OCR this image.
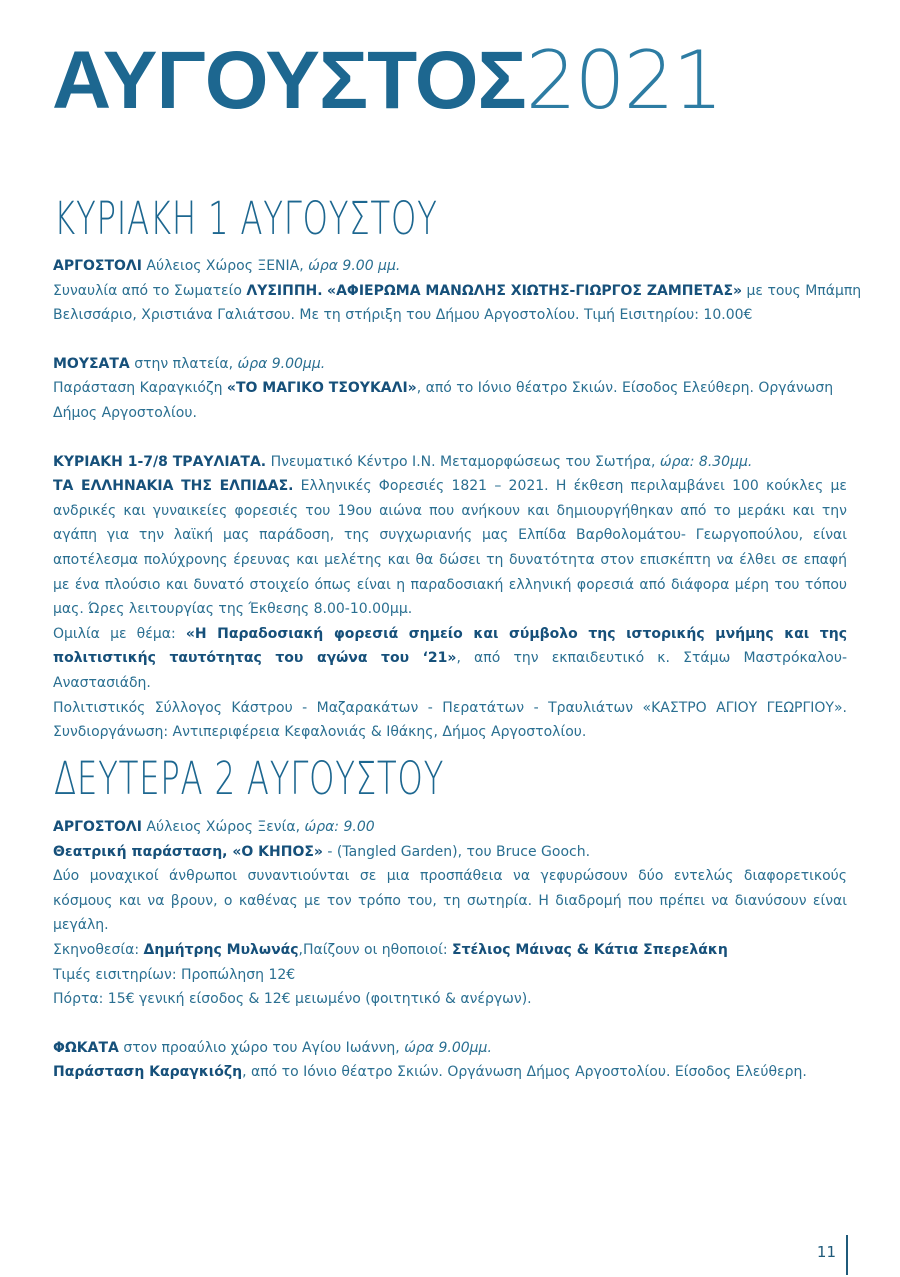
ΑΥΓΟΥΣΤΟΣ2021
ΚΥΡΙΑΚΗ 1 ΑΥΓΟΥΣΤΟΥ
ΑΡΓΟΣΤΟΛΙ Αύλειος Χώρος ΞΕΝΙΑ, ώρα 9.00 μμ.
Συναυλία από το Σωματείο ΛΥΣΙΠΠΗ. «ΑΦΙΕΡΩΜΑ ΜΑΝΩΛΗΣ ΧΙΩΤΗΣ-ΓΙΩΡΓΟΣ ΖΑΜΠΕΤΑΣ» με τους Μπάμπη
Βελισσάριο, Χριστιάνα Γαλιάτσου. Με τη στήριξη του Δήμου Αργοστολίου. Τιμή Εισιτηρίου: 10.00€
ΜΟΥΣΑΤΑ στην πλατεία, ώρα 9.00μμ.
Παράσταση Καραγκιόζη «ΤΟ ΜΑΓΙΚΟ ΤΣΟΥΚΑΛΙ», από το Ιόνιο θέατρο Σκιών. Είσοδος Ελεύθερη. Οργάνωση
Δήμος Αργοστολίου.
ΚΥΡΙΑΚΗ 1-7/8 ΤΡΑΥΛΙΑΤΑ. Πνευματικό Κέντρο Ι.Ν. Μεταμορφώσεως του Σωτήρα, ώρα: 8.30μμ.
ΤΑ ΕΛΛΗΝΑΚΙΑ ΤΗΣ ΕΛΠΙΔΑΣ. Ελληνικές Φορεσιές 1821 – 2021. Η έκθεση περιλαμβάνει 100 κούκλες με
ανδρικές και γυναικείες φορεσιές του 19ου αιώνα που ανήκουν και δημιουργήθηκαν από το μεράκι και την
αγάπη για την λαϊκή μας παράδοση, της συγχωριανής μας Ελπίδα Βαρθολομάτου- Γεωργοπούλου, είναι
αποτέλεσμα πολύχρονης έρευνας και μελέτης και θα δώσει τη δυνατότητα στον επισκέπτη να έλθει σε επαφή
με ένα πλούσιο και δυνατό στοιχείο όπως είναι η παραδοσιακή ελληνική φορεσιά από διάφορα μέρη του τόπου
μας. Ώρες λειτουργίας της Έκθεσης 8.00-10.00μμ.
Ομιλία με θέμα: «Η Παραδοσιακή φορεσιά σημείο και σύμβολο της ιστορικής μνήμης και της
πολιτιστικής ταυτότητας του αγώνα του ‘21», από την εκπαιδευτικό κ. Στάμω Μαστρόκαλου- Αναστασιάδη.
Πολιτιστικός Σύλλογος Κάστρου - Μαζαρακάτων - Περατάτων - Τραυλιάτων «ΚΑΣΤΡΟ ΑΓΙΟΥ ΓΕΩΡΓΙΟΥ».
Συνδιοργάνωση: Αντιπεριφέρεια Κεφαλονιάς & Ιθάκης, Δήμος Αργοστολίου.
ΔΕΥΤΕΡΑ 2 ΑΥΓΟΥΣΤΟΥ
ΑΡΓΟΣΤΟΛΙ Αύλειος Χώρος Ξενία, ώρα: 9.00
Θεατρική παράσταση, «Ο ΚΗΠΟΣ» - (Tangled Garden), του Bruce Gooch.
Δύο μοναχικοί άνθρωποι συναντιούνται σε μια προσπάθεια να γεφυρώσουν δύο εντελώς διαφορετικούς
κόσμους και να βρουν, ο καθένας με τον τρόπο του, τη σωτηρία. Η διαδρομή που πρέπει να διανύσουν είναι
μεγάλη.
Σκηνοθεσία: Δημήτρης Μυλωνάς,Παίζουν οι ηθοποιοί: Στέλιος Μάινας & Κάτια Σπερελάκη
Τιμές εισιτηρίων: Προπώληση 12€
Πόρτα: 15€ γενική είσοδος & 12€ μειωμένο (φοιτητικό & ανέργων).
ΦΩΚΑΤΑ στον προαύλιο χώρο του Αγίου Ιωάννη, ώρα 9.00μμ.
Παράσταση Καραγκιόζη, από το Ιόνιο θέατρο Σκιών. Οργάνωση Δήμος Αργοστολίου. Είσοδος Ελεύθερη.
11
